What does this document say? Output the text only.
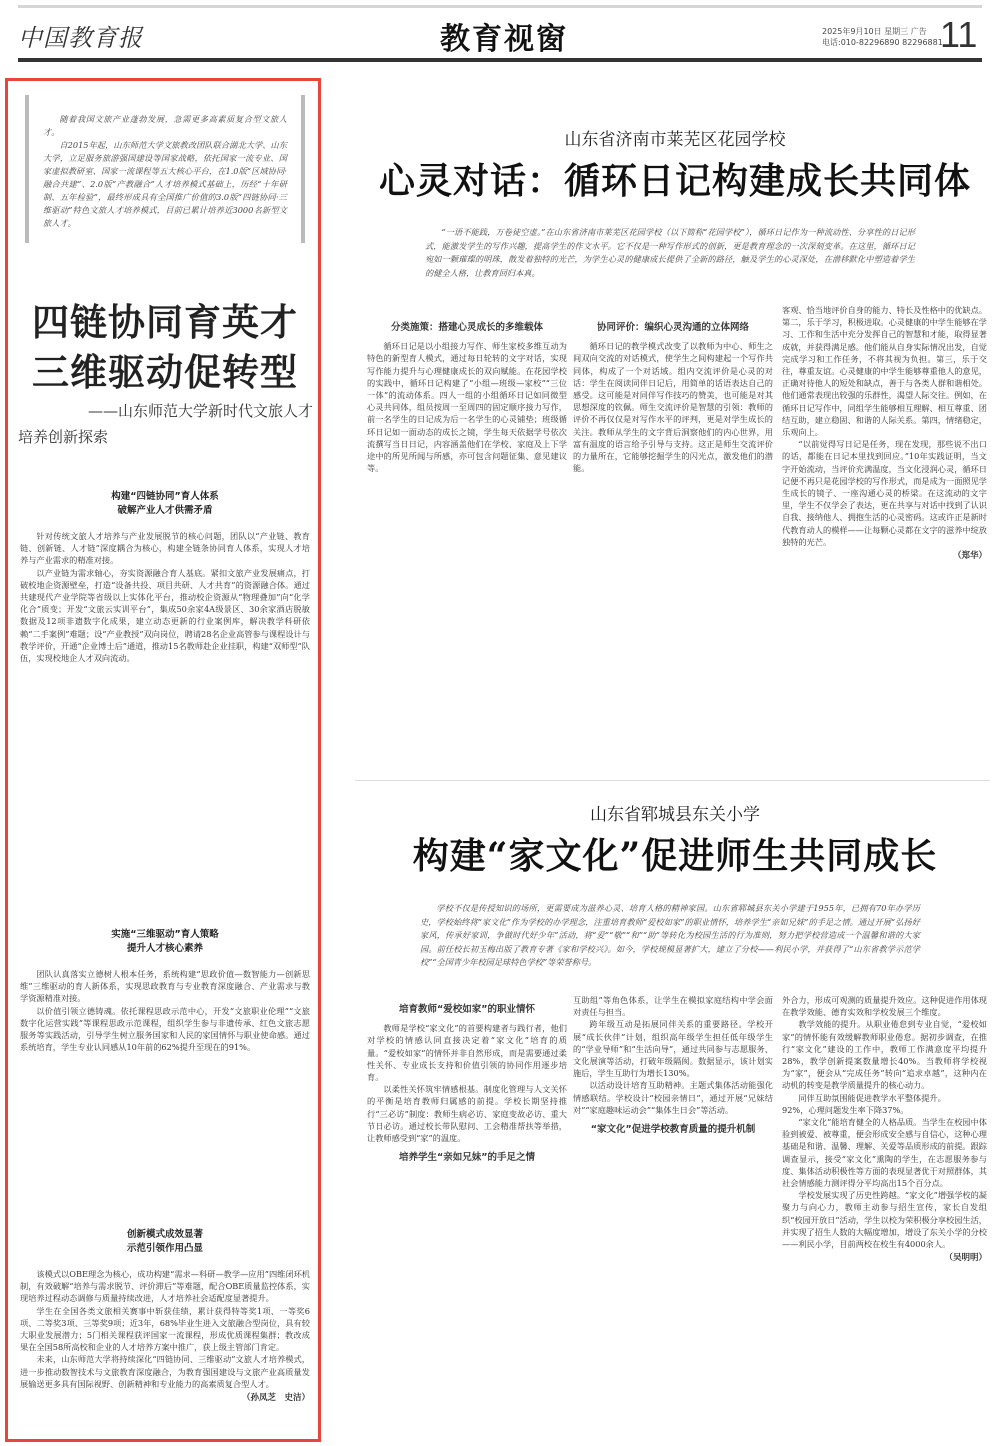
中国教育报	教育视窗	2025年9月10日 星期三 广告
电话:010-82296890 82296881
11

随着我国文旅产业蓬勃发展，急需更多高素质复合型文旅人才。

自2015年起，山东师范大学文旅教改团队联合湖北大学、山东大学，立足服务旅游强国建设等国家战略，依托国家一流专业、国家虚拟教研室、国家一流课程等五大核心平台，在1.0版“区域协同·融合共建”、2.0版“产教融合”人才培养模式基础上，历经“十年研制、五年检验”，最终形成具有全国推广价值的3.0版“四链协同·三维驱动”特色文旅人才培养模式，目前已累计培养近3000名新型文旅人才。

四链协同育英才
三维驱动促转型
——山东师范大学新时代文旅人才
培养创新探索
构建“四链协同”育人体系
破解产业人才供需矛盾

针对传统文旅人才培养与产业发展脱节的核心问题，团队以“产业链、教育链、创新链、人才链”深度耦合为核心，构建全链条协同育人体系，实现人才培养与产业需求的精准对接。

以产业链为需求轴心，夯实资源融合育人基底。紧扣文旅产业发展痛点，打破校地企资源壁垒，打造“设备共投、项目共研、人才共育”的资源融合体。通过共建现代产业学院等省级以上实体化平台，推动校企资源从“物理叠加”向“化学化合”质变；开发“文旅云实训平台”，集成50余家4A级景区、30余家酒店脱敏数据及12项非遗数字化成果，建立动态更新的行业案例库，解决教学科研依赖“二手案例”难题；设“产业教授”双向岗位，聘请28名企业高管参与课程设计与教学评价，开通“企业博士后”通道，推动15名教师赴企业挂职，构建“双师型”队伍，实现校地企人才双向流动。

实施“三维驱动”育人策略
提升人才核心素养

团队认真落实立德树人根本任务，系统构建“思政价值—数智能力—创新思维”三维驱动的育人新体系，实现思政教育与专业教育深度融合、产业需求与教学资源精准对接。

以价值引领立德铸魂。依托课程思政示范中心，开发“文旅职业伦理”“文旅数字化运营实践”等课程思政示范课程，组织学生参与非遗传承、红色文旅志愿服务等实践活动，引导学生树立服务国家和人民的家国情怀与职业使命感。通过系统培育，学生专业认同感从10年前的62%提升至现在的91%。

创新模式成效显著
示范引领作用凸显

该模式以OBE理念为核心，成功构建“需求—科研—教学—应用”四维闭环机制，有效破解“培养与需求脱节、评价滞后”等难题，配合OBE质量监控体系，实现培养过程动态调修与质量持续改进，人才培养社会适配度显著提升。

学生在全国各类文旅相关赛事中斩获佳绩，累计获得特等奖1项、一等奖6项、二等奖3项、三等奖9项；近3年，68%毕业生进入文旅融合型岗位，具有较大职业发展潜力；5门相关课程获评国家一流课程，形成优质课程集群；教改成果在全国58所高校和企业的人才培养方案中推广，获上级主管部门肯定。

未来，山东师范大学将持续深化“四链协同、三维驱动”文旅人才培养模式，进一步推动数智技术与文旅教育深度融合，为教育强国建设与文旅产业高质量发展输送更多具有国际视野、创新精神和专业能力的高素质复合型人才。

（孙凤芝　史洁）
山东省济南市莱芜区花园学校
心灵对话：循环日记构建成长共同体

“一语不能践，万卷徒空虚。”在山东省济南市莱芜区花园学校（以下简称“花园学校”），循环日记作为一种流动性、分享性的日记形式，能激发学生的写作兴趣，提高学生的作文水平。它不仅是一种写作形式的创新，更是教育理念的一次深刻变革。在这里，循环日记宛如一颗璀璨的明珠，散发着独特的光芒，为学生心灵的健康成长提供了全新的路径，触及学生的心灵深处，在潜移默化中塑造着学生的健全人格，让教育回归本真。

分类施策：搭建心灵成长的多维载体

循环日记是以小组接力写作、师生家校多维互动为特色的新型育人模式，通过每日轮转的文字对话，实现写作能力提升与心理健康成长的双向赋能。在花园学校的实践中，循环日记构建了“小组—班级—家校”“三位一体”的流动体系。四人一组的小组循环日记如同微型心灵共同体，组员按周一至周四的固定顺序接力写作，前一名学生的日记成为后一名学生的心灵铺垫；班级循环日记如一面动态的成长之镜，学生每天依据学号依次流撰写当日日记，内容涵盖他们在学校、家庭及上下学途中的所见所闻与所感，亦可包含问题征集、意见建议等。

协同评价：编织心灵沟通的立体网络

循环日记的教学模式改变了以教师为中心、师生之间双向交流的对话模式，使学生之间构建起一个写作共同体，构成了一个对话域。组内交流评价是心灵的对话：学生在阅读同伴日记后，用简单的话语表达自己的感受。这可能是对同伴写作技巧的赞美，也可能是对其思想深度的钦佩。师生交流评价是智慧的引领：教师的评价不再仅仅是对写作水平的评判，更是对学生成长的关注。教师从学生的文字背后洞察他们的内心世界，用富有温度的语言给予引导与支持。这正是师生交流评价的力量所在，它能够挖掘学生的闪光点，激发他们的潜能。

客观、恰当地评价自身的能力、特长及性格中的优缺点。第二，乐于学习，积极进取。心灵健康的中学生能够在学习、工作和生活中充分发挥自己的智慧和才能，取得显著成就，并获得满足感。他们能从自身实际情况出发，自觉完成学习和工作任务，不将其视为负担。第三，乐于交往，尊重友谊。心灵健康的中学生能够尊重他人的意见，正确对待他人的短处和缺点，善于与各类人群和谐相处。他们通常表现出较强的乐群性，渴望人际交往。例如，在循环日记写作中，同组学生能够相互理解、相互尊重、团结互助，建立稳固、和谐的人际关系。第四，情绪稳定，乐观向上。

“以前觉得写日记是任务，现在发现，那些说不出口的话，都能在日记本里找到回应。”10年实践证明，当文字开始流动，当评价充满温度，当文化浸润心灵，循环日记便不再只是花园学校的写作形式，而是成为一面照见学生成长的镜子、一座沟通心灵的桥梁。在这流动的文字里，学生不仅学会了表达，更在共享与对话中找到了认识自我、接纳他人、拥抱生活的心灵密码。这或许正是新时代教育动人的模样——让每颗心灵都在文字的滋养中绽放独特的光芒。

（郑华）
山东省郓城县东关小学
构建“家文化”促进师生共同成长

学校不仅是传授知识的场所，更需要成为滋养心灵、培育人格的精神家园。山东省郓城县东关小学建于1955年，已拥有70年办学历史，学校始终将“家文化”作为学校的办学理念，注重培育教师“爱校如家”的职业情怀，培养学生“亲如兄妹”的手足之情。通过开展“弘扬好家风，传承好家训，争做时代好少年”活动，将“爱”“敬”“和”“助”等转化为校园生活的行为准则，努力把学校营造成一个温馨和谐的大家园。前任校长初玉梅出版了教育专著《家和学校兴》。如今，学校规模显著扩大，建立了分校——利民小学，并获得了“山东省教学示范学校”“全国青少年校园足球特色学校”等荣誉称号。

培育教师“爱校如家”的职业情怀

教师是学校“家文化”的首要构建者与践行者，他们对学校的情感认同直接决定着“家文化”培育的质量。“爱校如家”的情怀并非自然形成，而是需要通过柔性关怀、专业成长支持和价值引领的协同作用逐步培育。

以柔性关怀筑牢情感根基。制度化管理与人文关怀的平衡是培育教师归属感的前提。学校长期坚持推行“三必访”制度：教师生病必访、家庭变故必访、重大节日必访。通过校长带队慰问、工会精准帮扶等举措，让教师感受到“家”的温度。

培养学生“亲如兄妹”的手足之情

互助组”等角色体系，让学生在模拟家庭结构中学会面对责任与担当。

跨年级互动是拓展同伴关系的重要路径。学校开展“成长伙伴”计划，组织高年级学生担任低年级学生的“学业导师”和“生活向导”，通过共同参与志愿服务、文化展演等活动，打破年级隔阂。数据显示，该计划实施后，学生互助行为增长130%。

以活动设计培育互助精神。主题式集体活动能强化情感联结。学校设计“校园亲情日”，通过开展“兄妹结对”“家庭趣味运动会”“集体生日会”等活动。

“家文化”促进学校教育质量的提升机制

外合力，形成可观测的质量提升效应。这种促进作用体现在教学效能、德育实效和学校发展三个维度。

教学效能的提升。从职业倦怠到专业自觉，“爱校如家”的情怀能有效缓解教师职业倦怠。据初步调查，在推行“家文化”建设的工作中，教师工作满意度平均提升28%，教学创新提案数量增长40%。当教师将学校视为“家”，便会从“完成任务”转向“追求卓越”，这种内在动机的转变是教学质量提升的核心动力。

同伴互助氛围能促进教学水平整体提升。

92%，心理问题发生率下降37%。

“家文化”能培育健全的人格品质。当学生在校园中体验到被爱、被尊重，便会形成安全感与自信心，这种心理基础是和谐、温馨、理解、关爱等品质形成的前提。跟踪调查显示，接受“家文化”熏陶的学生，在志愿服务参与度、集体活动积极性等方面的表现显著优于对照群体，其社会情感能力测评得分平均高出15个百分点。

学校发展实现了历史性跨越。“家文化”增强学校的凝聚力与向心力，教师主动参与招生宣传，家长自发组织“校园开放日”活动，学生以校为荣积极分享校园生活，并实现了招生人数的大幅度增加，增设了东关小学的分校——利民小学，目前两校在校生有4000余人。

（吴明明）
